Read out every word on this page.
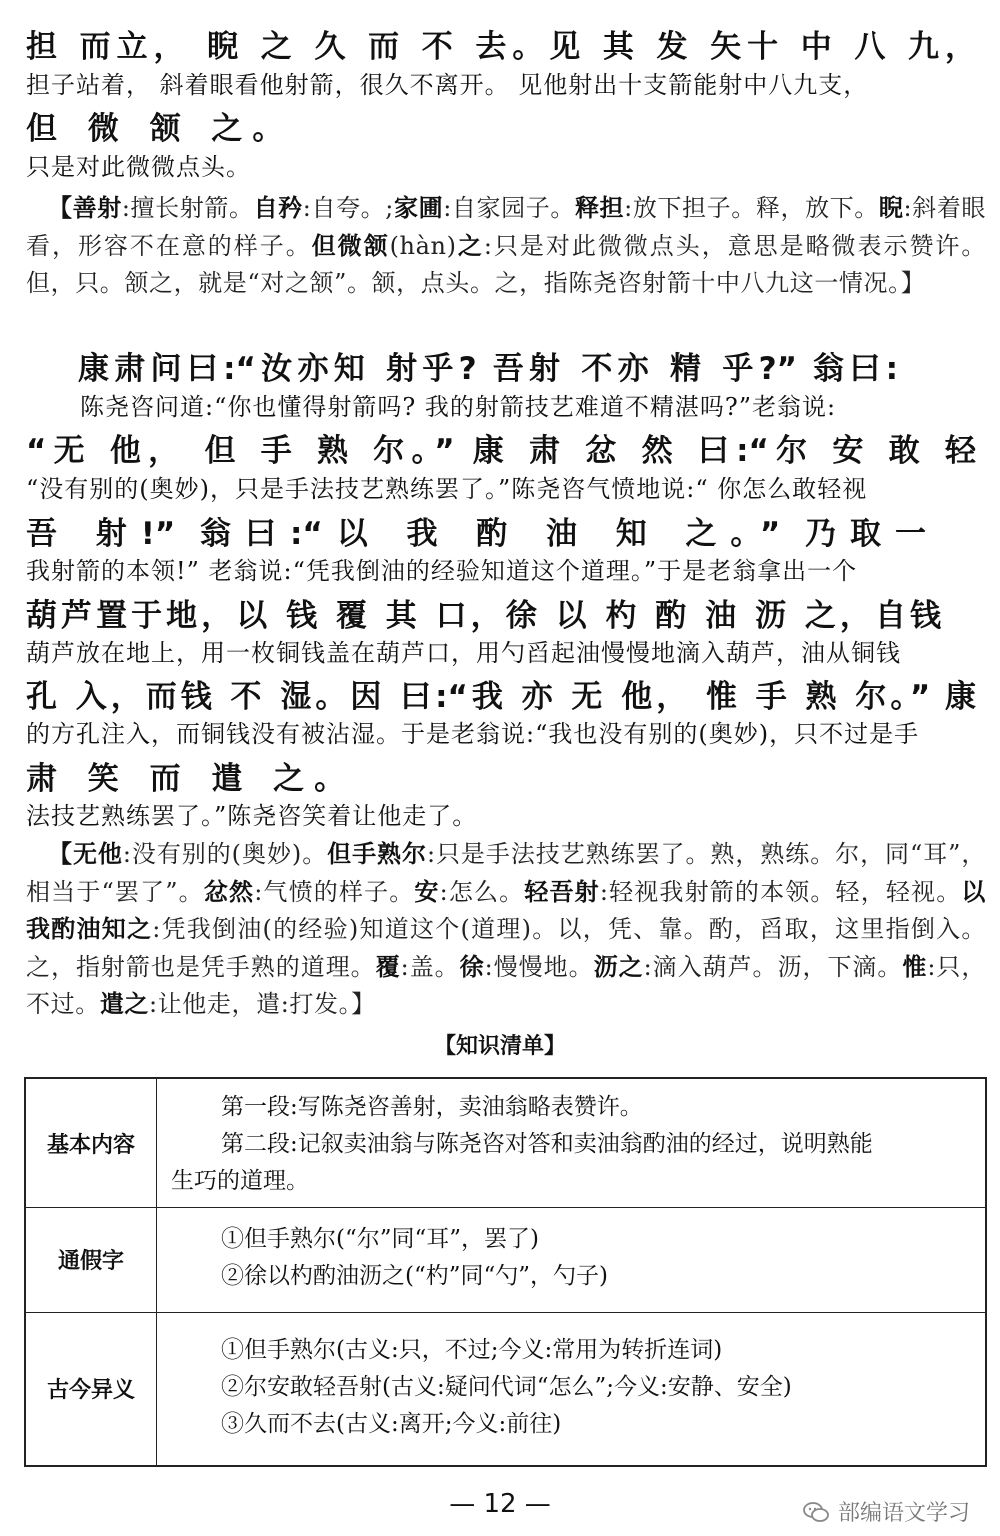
担 而立， 睨 之 久 而 不 去。见 其 发 矢十 中 八 九，
担子站着， 斜着眼看他射箭，很久不离开。 见他射出十支箭能射中八九支，
但 微 颔 之。
只是对此微微点头。
【善射:擅长射箭。自矜:自夸。;家圃:自家园子。释担:放下担子。释，放下。睨:斜着眼看，形容不在意的样子。但微颔(hàn)之:只是对此微微点头，意思是略微表示赞许。但，只。颔之，就是“对之颔”。颔，点头。之，指陈尧咨射箭十中八九这一情况。】
康肃问曰:“汝亦知 射乎? 吾射 不亦 精 乎?” 翁曰:
陈尧咨问道:“你也懂得射箭吗? 我的射箭技艺难道不精湛吗?”老翁说:
“无 他， 但 手 熟 尔。” 康 肃 忿 然 曰:“尔 安 敢 轻
“没有别的(奥妙)，只是手法技艺熟练罢了。”陈尧咨气愤地说:“ 你怎么敢轻视
吾 射!” 翁曰:“以 我 酌 油 知 之。” 乃取一
我射箭的本领!” 老翁说:“凭我倒油的经验知道这个道理。”于是老翁拿出一个
葫芦置于地，以 钱 覆 其 口，徐 以 杓 酌 油 沥 之，自钱
葫芦放在地上，用一枚铜钱盖在葫芦口，用勺舀起油慢慢地滴入葫芦，油从铜钱
孔 入，而钱 不 湿。因 曰:“我 亦 无 他， 惟 手 熟 尔。” 康
的方孔注入，而铜钱没有被沾湿。于是老翁说:“我也没有别的(奥妙)，只不过是手
肃 笑 而 遣 之。
法技艺熟练罢了。”陈尧咨笑着让他走了。
【无他:没有别的(奥妙)。但手熟尔:只是手法技艺熟练罢了。熟，熟练。尔，同“耳”，相当于“罢了”。忿然:气愤的样子。安:怎么。轻吾射:轻视我射箭的本领。轻，轻视。以我酌油知之:凭我倒油(的经验)知道这个(道理)。以，凭、靠。酌，舀取，这里指倒入。之，指射箭也是凭手熟的道理。覆:盖。徐:慢慢地。沥之:滴入葫芦。沥，下滴。惟:只，不过。遣之:让他走，遣:打发。】
【知识清单】
基本内容
第一段:写陈尧咨善射，卖油翁略表赞许。
第二段:记叙卖油翁与陈尧咨对答和卖油翁酌油的经过，说明熟能
生巧的道理。
通假字
①但手熟尔(“尔”同“耳”，罢了)
②徐以杓酌油沥之(“杓”同“勺”，勺子)
古今异义
①但手熟尔(古义:只，不过;今义:常用为转折连词)
②尔安敢轻吾射(古义:疑问代词“怎么”;今义:安静、安全)
③久而不去(古义:离开;今义:前往)
— 12 —	部编语文学习
